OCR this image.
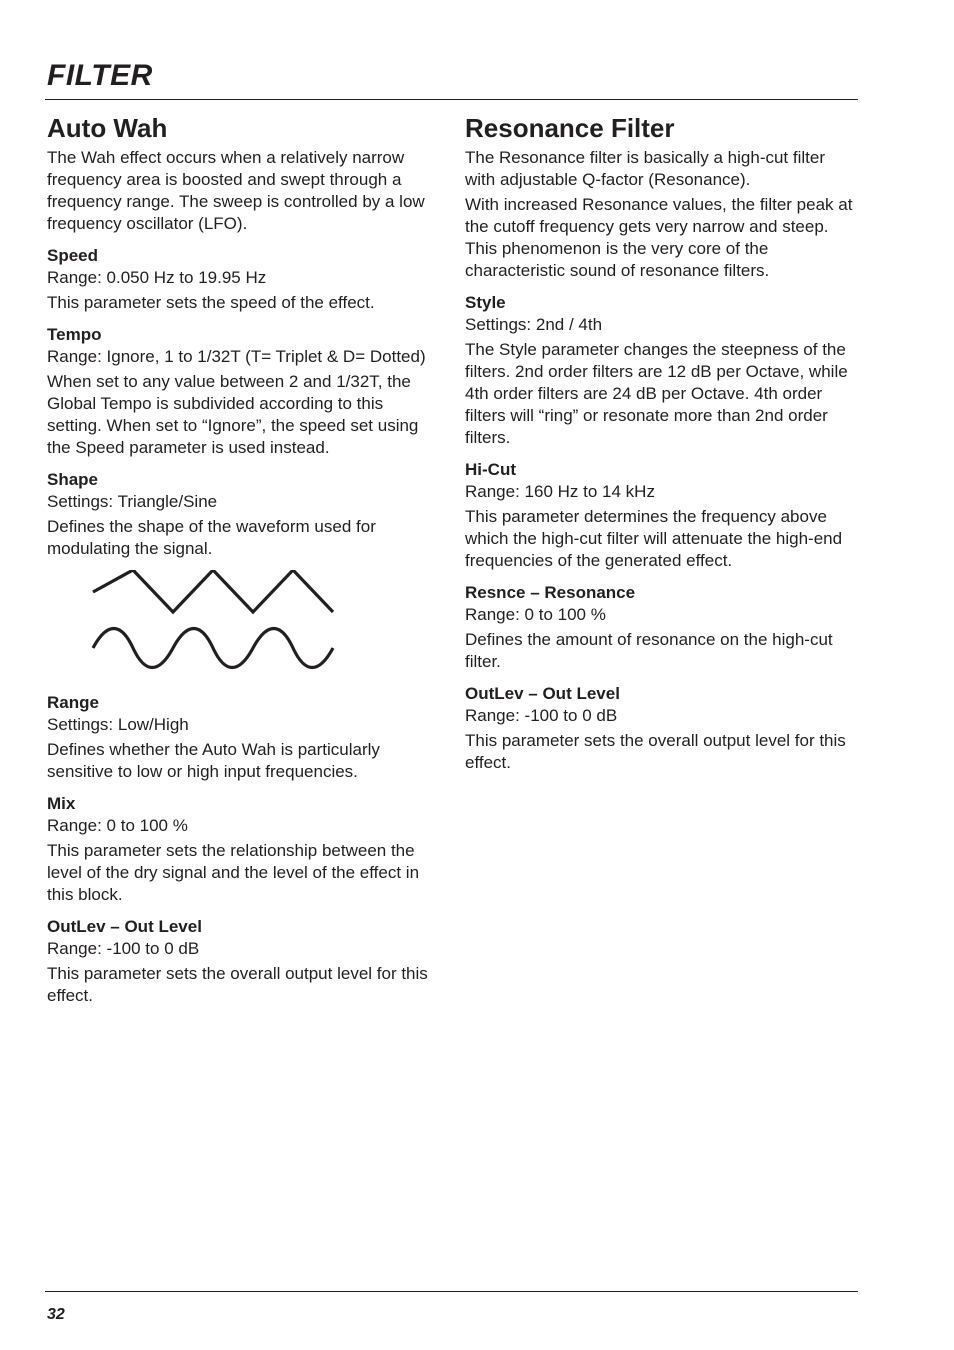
FILTER
Auto Wah

The Wah effect occurs when a relatively narrow frequency area is boosted and swept through a frequency range. The sweep is controlled by a low frequency oscillator (LFO).

Speed

Range: 0.050 Hz to 19.95 Hz

This parameter sets the speed of the effect.

Tempo

Range: Ignore, 1 to 1/32T (T= Triplet & D= Dotted)

When set to any value between 2 and 1/32T, the Global Tempo is subdivided according to this setting. When set to “Ignore”, the speed set using the Speed parameter is used instead.

Shape

Settings: Triangle/Sine

Defines the shape of the waveform used for modulating the signal.

Range

Settings: Low/High

Defines whether the Auto Wah is particularly sensitive to low or high input frequencies.

Mix

Range: 0 to 100 %

This parameter sets the relationship between the level of the dry signal and the level of the effect in this block.

OutLev – Out Level

Range: -100 to 0 dB

This parameter sets the overall output level for this effect.

Resonance Filter

The Resonance filter is basically a high-cut filter with adjustable Q-factor (Resonance).

With increased Resonance values, the filter peak at the cutoff frequency gets very narrow and steep. This phenomenon is the very core of the characteristic sound of resonance filters.

Style

Settings: 2nd / 4th

The Style parameter changes the steepness of the filters. 2nd order filters are 12 dB per Octave, while 4th order filters are 24 dB per Octave. 4th order filters will “ring” or resonate more than 2nd order filters.

Hi-Cut

Range: 160 Hz to 14 kHz

This parameter determines the frequency above which the high-cut filter will attenuate the high-end frequencies of the generated effect.

Resnce – Resonance

Range: 0 to 100 %

Defines the amount of resonance on the high-cut filter.

OutLev – Out Level

Range: -100 to 0 dB

This parameter sets the overall output level for this effect.

32
